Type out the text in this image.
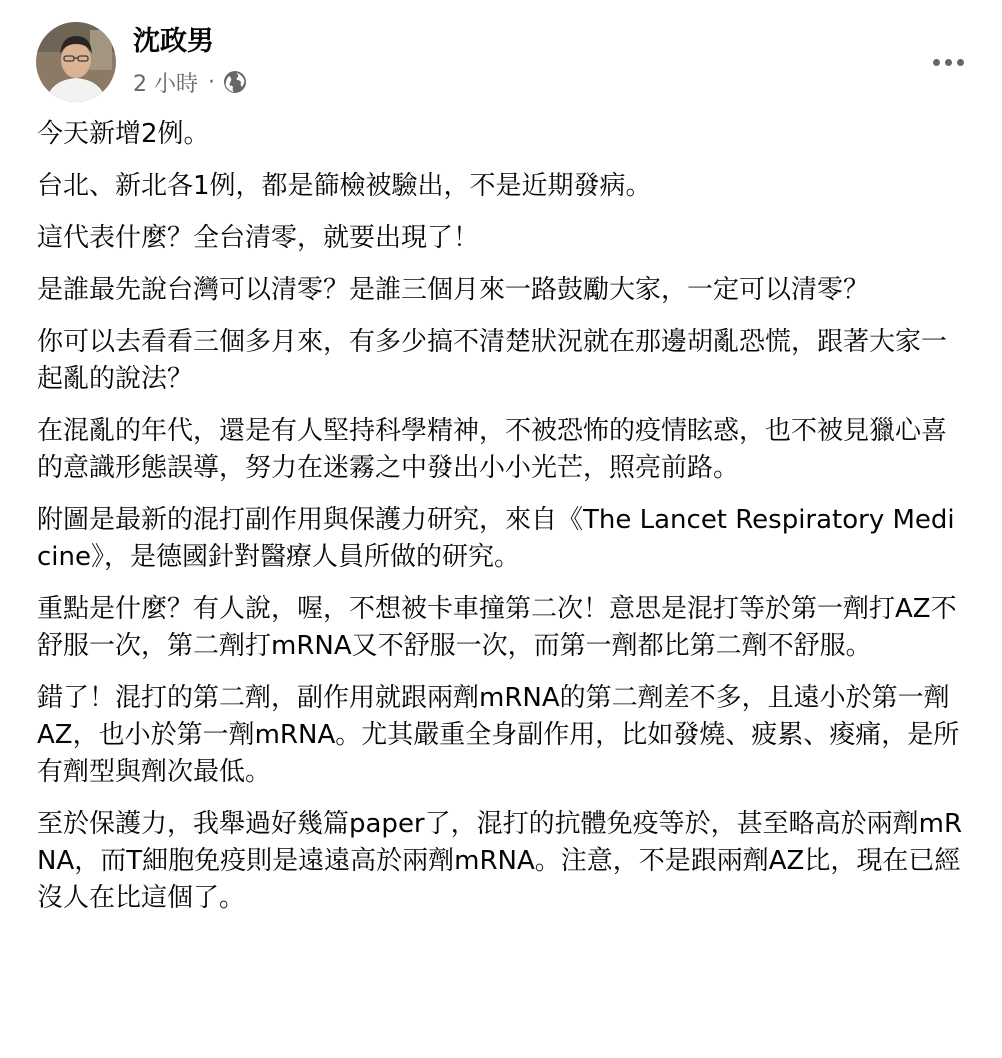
沈政男
2 小時 ·

今天新增2例。

台北、新北各1例，都是篩檢被驗出，不是近期發病。

這代表什麼？全台清零，就要出現了！

是誰最先說台灣可以清零？是誰三個月來一路鼓勵大家，一定可以清零？

你可以去看看三個多月來，有多少搞不清楚狀況就在那邊胡亂恐慌，跟著大家一起亂的說法？

在混亂的年代，還是有人堅持科學精神，不被恐怖的疫情眩惑，也不被見獵心喜的意識形態誤導，努力在迷霧之中發出小小光芒，照亮前路。

附圖是最新的混打副作用與保護力研究，來自《The Lancet Respiratory Medicine》，是德國針對醫療人員所做的研究。

重點是什麼？有人說，喔，不想被卡車撞第二次！意思是混打等於第一劑打AZ不舒服一次，第二劑打mRNA又不舒服一次，而第一劑都比第二劑不舒服。

錯了！混打的第二劑，副作用就跟兩劑mRNA的第二劑差不多，且遠小於第一劑AZ，也小於第一劑mRNA。尤其嚴重全身副作用，比如發燒、疲累、痠痛，是所有劑型與劑次最低。

至於保護力，我舉過好幾篇paper了，混打的抗體免疫等於，甚至略高於兩劑mRNA，而T細胞免疫則是遠遠高於兩劑mRNA。注意，不是跟兩劑AZ比，現在已經沒人在比這個了。
